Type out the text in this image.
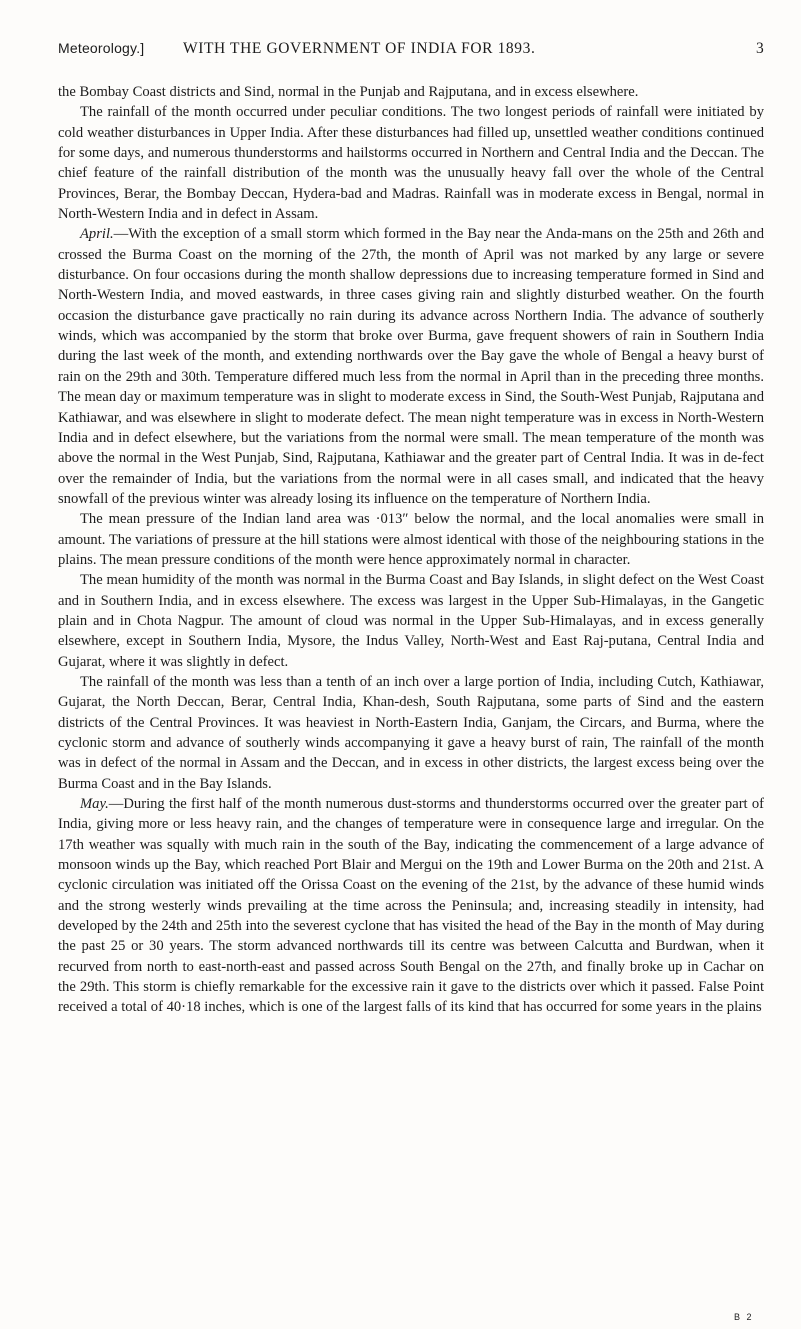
Meteorology.] WITH THE GOVERNMENT OF INDIA FOR 1893.	3

the Bombay Coast districts and Sind, normal in the Punjab and Rajputana, and in excess elsewhere.

The rainfall of the month occurred under peculiar conditions. The two longest periods of rainfall were initiated by cold weather disturbances in Upper India. After these disturbances had filled up, unsettled weather conditions continued for some days, and numerous thunderstorms and hailstorms occurred in Northern and Central India and the Deccan. The chief feature of the rainfall distribution of the month was the unusually heavy fall over the whole of the Central Provinces, Berar, the Bombay Deccan, Hydera-bad and Madras. Rainfall was in moderate excess in Bengal, normal in North-Western India and in defect in Assam.

April.—With the exception of a small storm which formed in the Bay near the Anda-mans on the 25th and 26th and crossed the Burma Coast on the morning of the 27th, the month of April was not marked by any large or severe disturbance. On four occasions during the month shallow depressions due to increasing temperature formed in Sind and North-Western India, and moved eastwards, in three cases giving rain and slightly disturbed weather. On the fourth occasion the disturbance gave practically no rain during its advance across Northern India. The advance of southerly winds, which was accompanied by the storm that broke over Burma, gave frequent showers of rain in Southern India during the last week of the month, and extending northwards over the Bay gave the whole of Bengal a heavy burst of rain on the 29th and 30th. Temperature differed much less from the normal in April than in the preceding three months. The mean day or maximum temperature was in slight to moderate excess in Sind, the South-West Punjab, Rajputana and Kathiawar, and was elsewhere in slight to moderate defect. The mean night temperature was in excess in North-Western India and in defect elsewhere, but the variations from the normal were small. The mean temperature of the month was above the normal in the West Punjab, Sind, Rajputana, Kathiawar and the greater part of Central India. It was in de-fect over the remainder of India, but the variations from the normal were in all cases small, and indicated that the heavy snowfall of the previous winter was already losing its influence on the temperature of Northern India.

The mean pressure of the Indian land area was ·013″ below the normal, and the local anomalies were small in amount. The variations of pressure at the hill stations were almost identical with those of the neighbouring stations in the plains. The mean pressure conditions of the month were hence approximately normal in character.

The mean humidity of the month was normal in the Burma Coast and Bay Islands, in slight defect on the West Coast and in Southern India, and in excess elsewhere. The excess was largest in the Upper Sub-Himalayas, in the Gangetic plain and in Chota Nagpur. The amount of cloud was normal in the Upper Sub-Himalayas, and in excess generally elsewhere, except in Southern India, Mysore, the Indus Valley, North-West and East Raj-putana, Central India and Gujarat, where it was slightly in defect.

The rainfall of the month was less than a tenth of an inch over a large portion of India, including Cutch, Kathiawar, Gujarat, the North Deccan, Berar, Central India, Khan-desh, South Rajputana, some parts of Sind and the eastern districts of the Central Provinces. It was heaviest in North-Eastern India, Ganjam, the Circars, and Burma, where the cyclonic storm and advance of southerly winds accompanying it gave a heavy burst of rain, The rainfall of the month was in defect of the normal in Assam and the Deccan, and in excess in other districts, the largest excess being over the Burma Coast and in the Bay Islands.

May.—During the first half of the month numerous dust-storms and thunderstorms occurred over the greater part of India, giving more or less heavy rain, and the changes of temperature were in consequence large and irregular. On the 17th weather was squally with much rain in the south of the Bay, indicating the commencement of a large advance of monsoon winds up the Bay, which reached Port Blair and Mergui on the 19th and Lower Burma on the 20th and 21st. A cyclonic circulation was initiated off the Orissa Coast on the evening of the 21st, by the advance of these humid winds and the strong westerly winds prevailing at the time across the Peninsula; and, increasing steadily in intensity, had developed by the 24th and 25th into the severest cyclone that has visited the head of the Bay in the month of May during the past 25 or 30 years. The storm advanced northwards till its centre was between Calcutta and Burdwan, when it recurved from north to east-north-east and passed across South Bengal on the 27th, and finally broke up in Cachar on the 29th. This storm is chiefly remarkable for the excessive rain it gave to the districts over which it passed. False Point received a total of 40·18 inches, which is one of the largest falls of its kind that has occurred for some years in the plains

B 2
